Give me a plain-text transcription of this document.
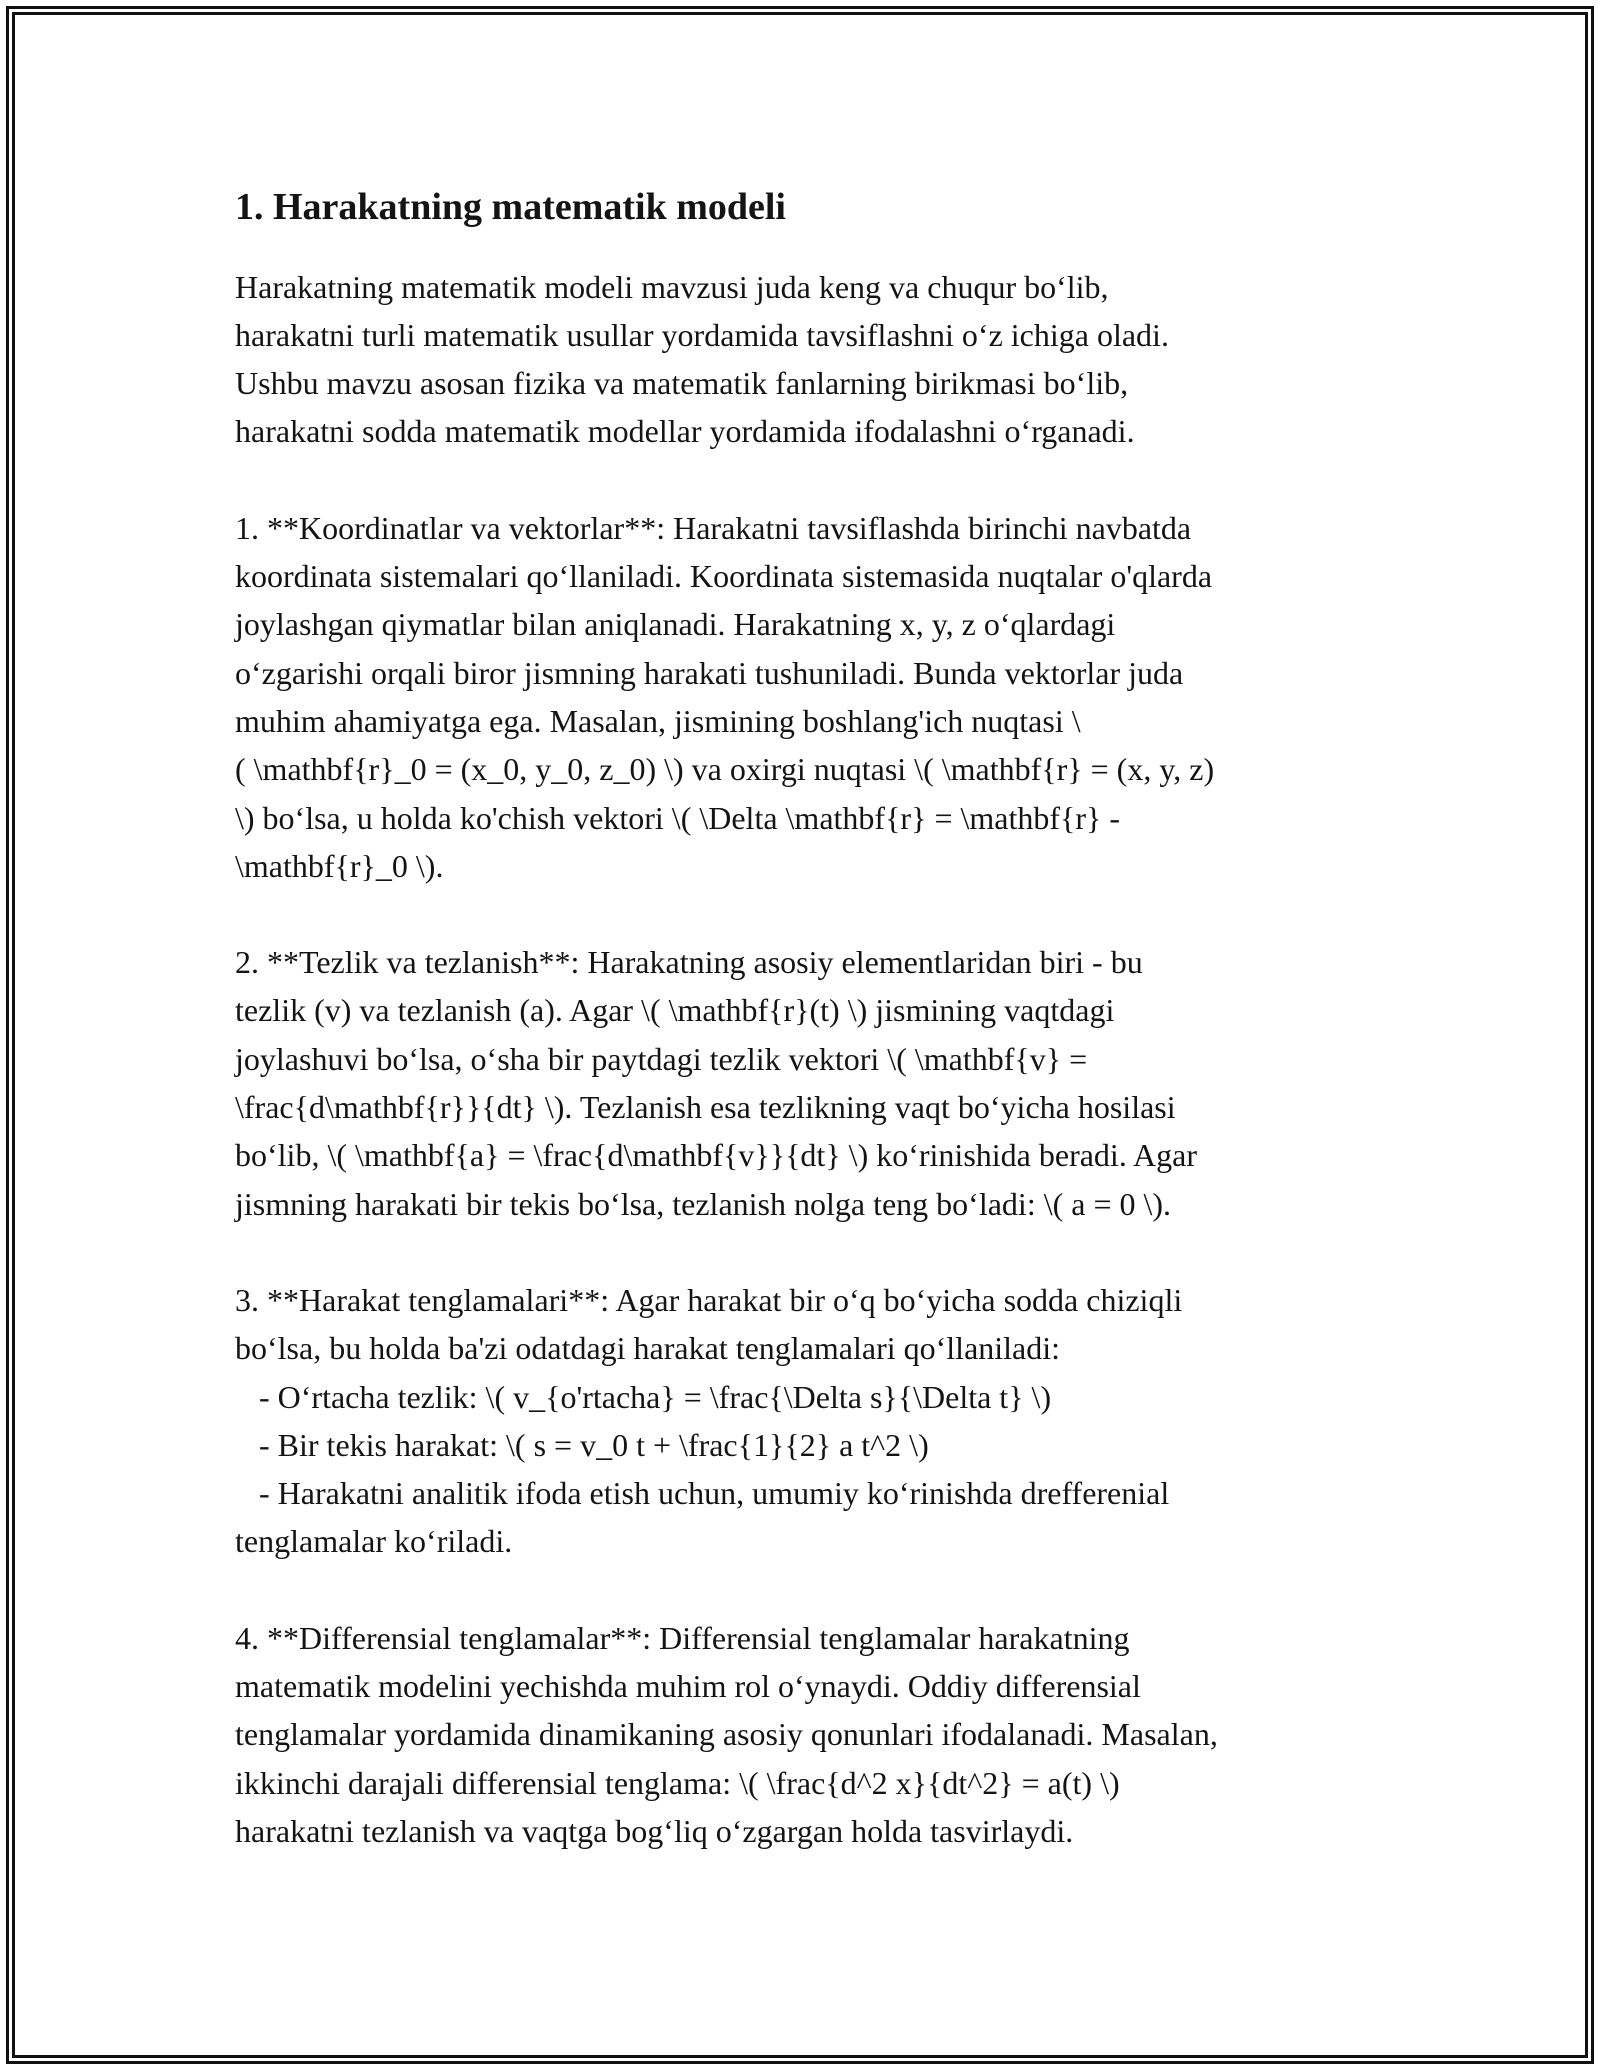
1. Harakatning matematik modeli

Harakatning matematik modeli mavzusi juda keng va chuqur bo‘lib,
harakatni turli matematik usullar yordamida tavsiflashni o‘z ichiga oladi.
Ushbu mavzu asosan fizika va matematik fanlarning birikmasi bo‘lib,
harakatni sodda matematik modellar yordamida ifodalashni o‘rganadi.

1. **Koordinatlar va vektorlar**: Harakatni tavsiflashda birinchi navbatda
koordinata sistemalari qo‘llaniladi. Koordinata sistemasida nuqtalar o'qlarda
joylashgan qiymatlar bilan aniqlanadi. Harakatning x, y, z o‘qlardagi
o‘zgarishi orqali biror jismning harakati tushuniladi. Bunda vektorlar juda
muhim ahamiyatga ega. Masalan, jismining boshlang'ich nuqtasi \
( \mathbf{r}_0 = (x_0, y_0, z_0) \) va oxirgi nuqtasi \( \mathbf{r} = (x, y, z)
\) bo‘lsa, u holda ko'chish vektori \( \Delta \mathbf{r} = \mathbf{r} -
\mathbf{r}_0 \).

2. **Tezlik va tezlanish**: Harakatning asosiy elementlaridan biri - bu
tezlik (v) va tezlanish (a). Agar \( \mathbf{r}(t) \) jismining vaqtdagi
joylashuvi bo‘lsa, o‘sha bir paytdagi tezlik vektori \( \mathbf{v} =
\frac{d\mathbf{r}}{dt} \). Tezlanish esa tezlikning vaqt bo‘yicha hosilasi
bo‘lib, \( \mathbf{a} = \frac{d\mathbf{v}}{dt} \) ko‘rinishida beradi. Agar
jismning harakati bir tekis bo‘lsa, tezlanish nolga teng bo‘ladi: \( a = 0 \).

3. **Harakat tenglamalari**: Agar harakat bir o‘q bo‘yicha sodda chiziqli
bo‘lsa, bu holda ba'zi odatdagi harakat tenglamalari qo‘llaniladi:
- O‘rtacha tezlik: \( v_{o'rtacha} = \frac{\Delta s}{\Delta t} \)
- Bir tekis harakat: \( s = v_0 t + \frac{1}{2} a t^2 \)
- Harakatni analitik ifoda etish uchun, umumiy ko‘rinishda drefferenial
tenglamalar ko‘riladi.

4. **Differensial tenglamalar**: Differensial tenglamalar harakatning
matematik modelini yechishda muhim rol o‘ynaydi. Oddiy differensial
tenglamalar yordamida dinamikaning asosiy qonunlari ifodalanadi. Masalan,
ikkinchi darajali differensial tenglama: \( \frac{d^2 x}{dt^2} = a(t) \)
harakatni tezlanish va vaqtga bog‘liq o‘zgargan holda tasvirlaydi.
